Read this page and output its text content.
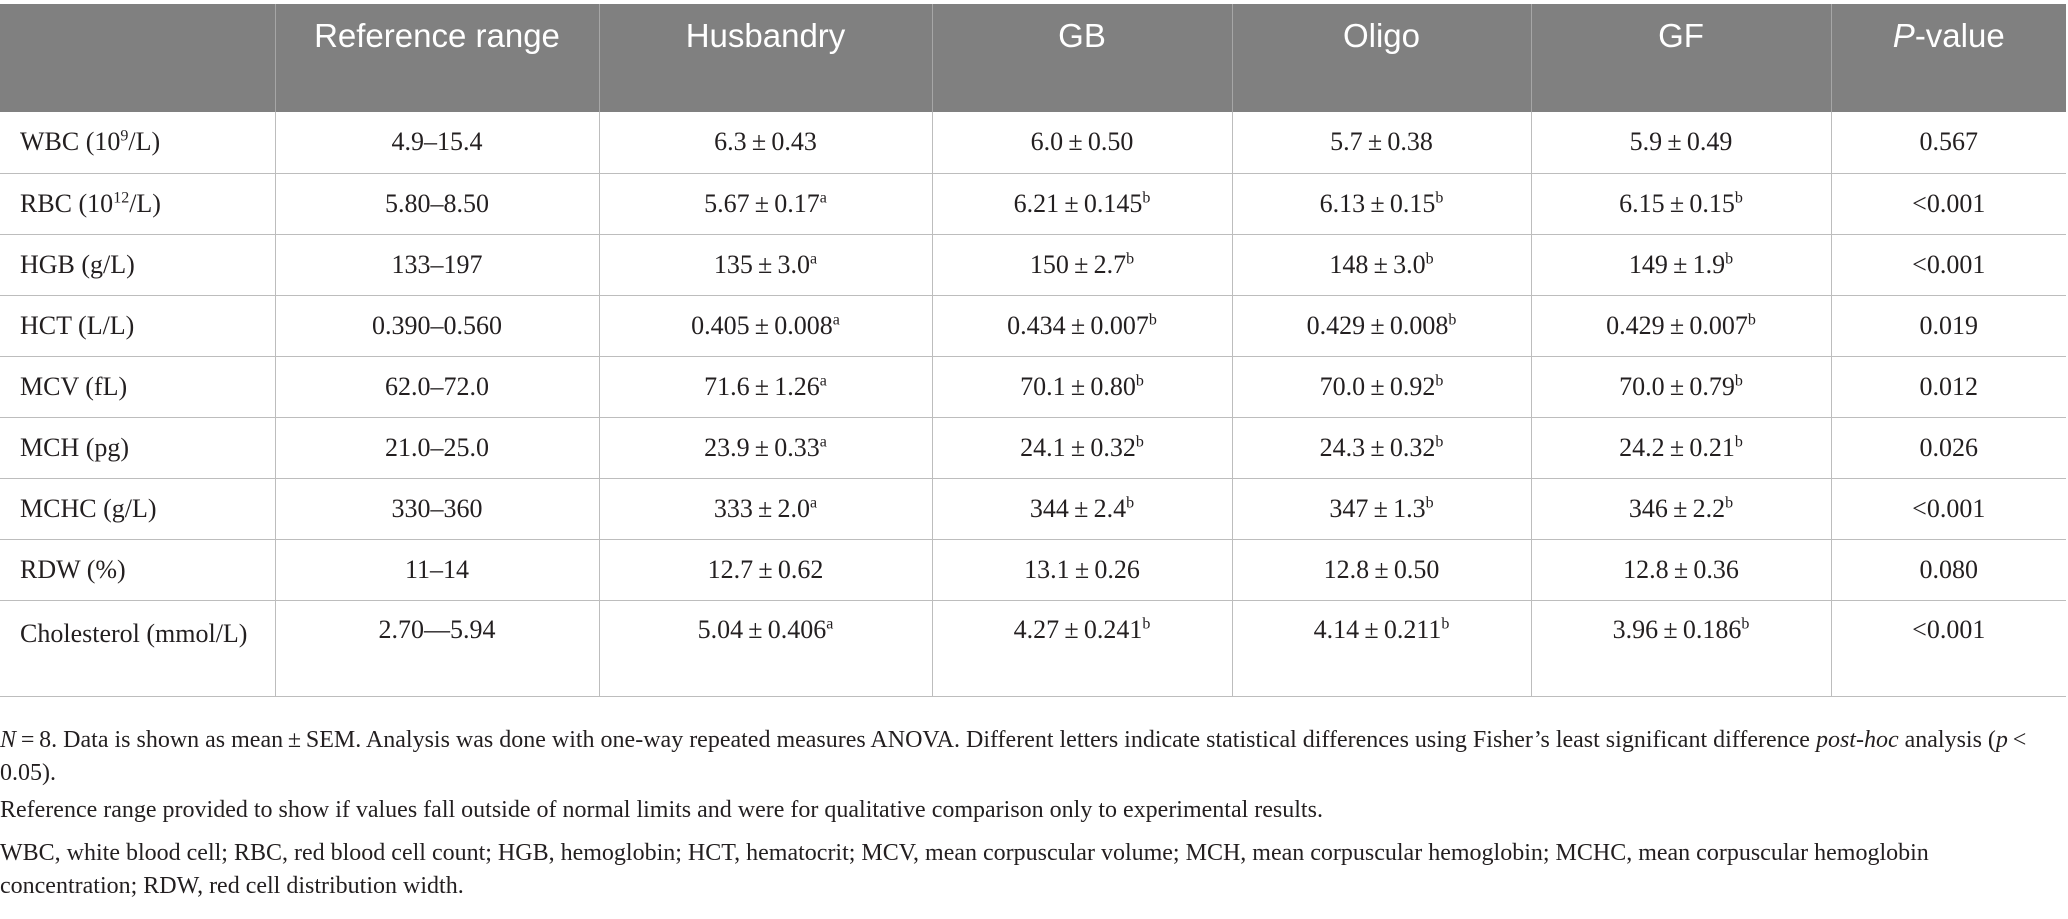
	Reference range	Husbandry	GB	Oligo	GF	P-value
WBC $(10^9/L)$	4.9–15.4	6.3 ± 0.43	6.0 ± 0.50	5.7 ± 0.38	5.9 ± 0.49	0.567
RBC $(10^{12}/L)$	5.80–8.50	5.67 ± 0.17$^a$	6.21 ± 0.145$^b$	6.13 ± 0.15$^b$	6.15 ± 0.15$^b$	<0.001
HGB (g/L)	133–197	135 ± 3.0$^a$	150 ± 2.7$^b$	148 ± 3.0$^b$	149 ± 1.9$^b$	<0.001
HCT (L/L)	0.390–0.560	0.405 ± 0.008$^a$	0.434 ± 0.007$^b$	0.429 ± 0.008$^b$	0.429 ± 0.007$^b$	0.019
MCV (fL)	62.0–72.0	71.6 ± 1.26$^a$	70.1 ± 0.80$^b$	70.0 ± 0.92$^b$	70.0 ± 0.79$^b$	0.012
MCH (pg)	21.0–25.0	23.9 ± 0.33$^a$	24.1 ± 0.32$^b$	24.3 ± 0.32$^b$	24.2 ± 0.21$^b$	0.026
MCHC (g/L)	330–360	333 ± 2.0$^a$	344 ± 2.4$^b$	347 ± 1.3$^b$	346 ± 2.2$^b$	<0.001
RDW (%)	11–14	12.7 ± 0.62	13.1 ± 0.26	12.8 ± 0.50	12.8 ± 0.36	0.080
Cholesterol (mmol/L)	2.70—5.94	5.04 ± 0.406$^a$	4.27 ± 0.241$^b$	4.14 ± 0.211$^b$	3.96 ± 0.186$^b$	<0.001

N = 8. Data is shown as mean ± SEM. Analysis was done with one-way repeated measures ANOVA. Different letters indicate statistical differences using Fisher’s least significant difference post-hoc analysis (p < 0.05).

Reference range provided to show if values fall outside of normal limits and were for qualitative comparison only to experimental results.

WBC, white blood cell; RBC, red blood cell count; HGB, hemoglobin; HCT, hematocrit; MCV, mean corpuscular volume; MCH, mean corpuscular hemoglobin; MCHC, mean corpuscular hemoglobin concentration; RDW, red cell distribution width.
